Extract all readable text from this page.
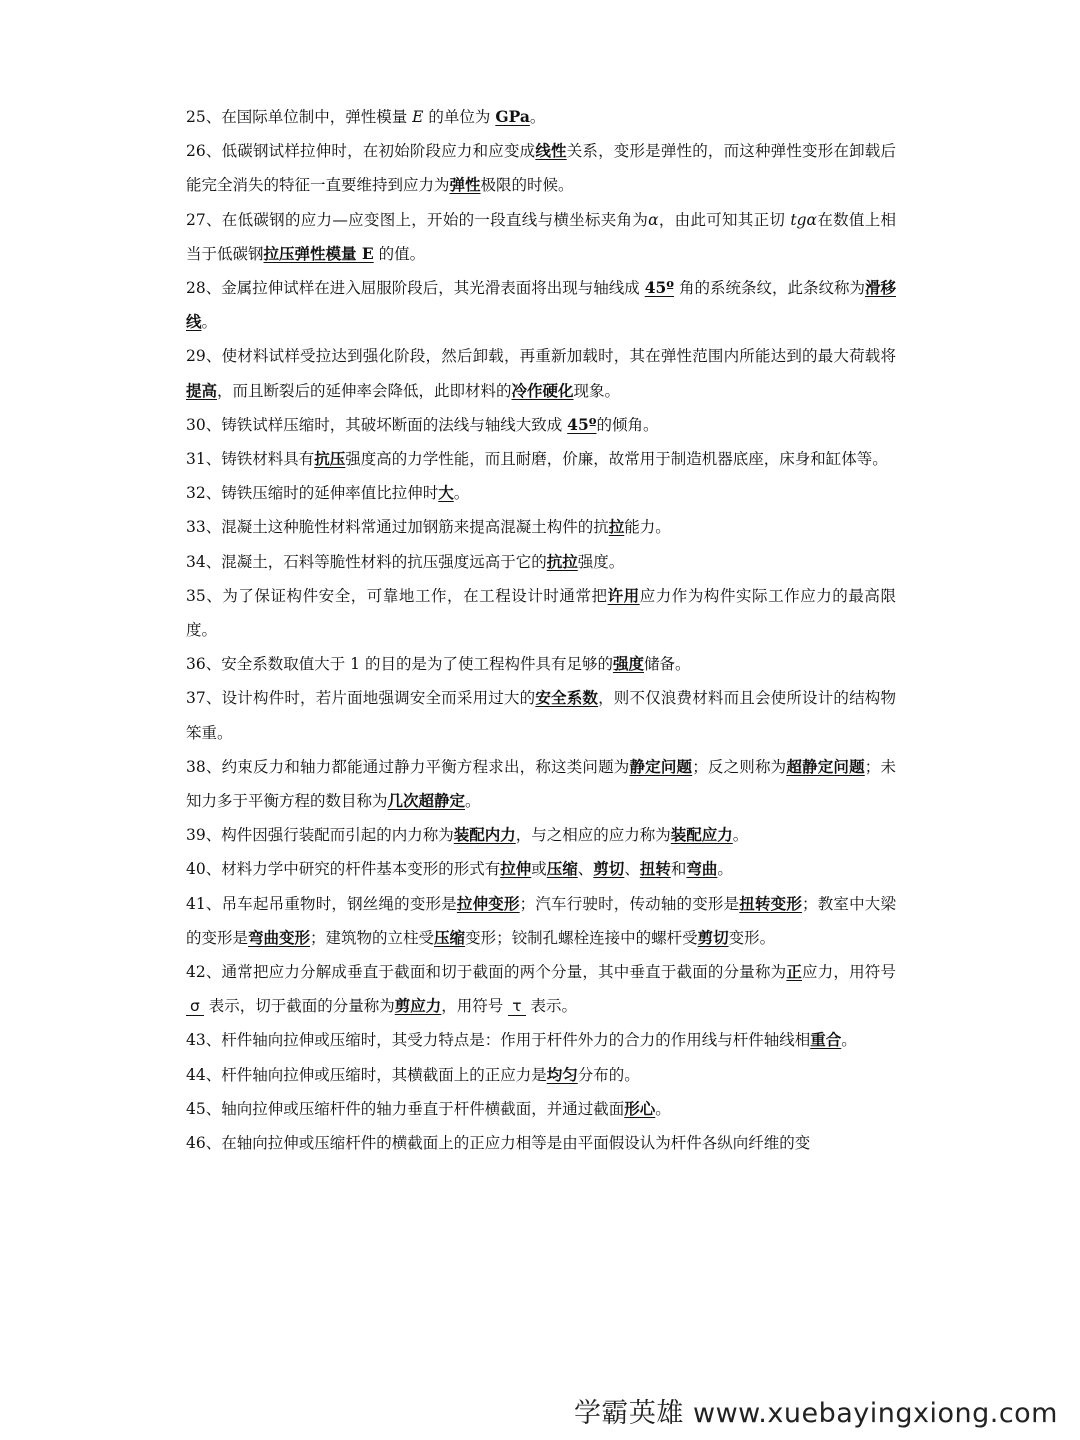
25、在国际单位制中，弹性模量 E 的单位为 GPa。
26、低碳钢试样拉伸时，在初始阶段应力和应变成线性关系，变形是弹性的，而这种弹性变形在卸载后能完全消失的特征一直要维持到应力为弹性极限的时候。
27、在低碳钢的应力—应变图上，开始的一段直线与横坐标夹角为α，由此可知其正切 tgα在数值上相当于低碳钢拉压弹性模量 E 的值。
28、金属拉伸试样在进入屈服阶段后，其光滑表面将出现与轴线成 45º 角的系统条纹，此条纹称为滑移线。
29、使材料试样受拉达到强化阶段，然后卸载，再重新加载时，其在弹性范围内所能达到的最大荷载将提高，而且断裂后的延伸率会降低，此即材料的冷作硬化现象。
30、铸铁试样压缩时，其破坏断面的法线与轴线大致成 45º的倾角。
31、铸铁材料具有抗压强度高的力学性能，而且耐磨，价廉，故常用于制造机器底座，床身和缸体等。
32、铸铁压缩时的延伸率值比拉伸时大。
33、混凝土这种脆性材料常通过加钢筋来提高混凝土构件的抗拉能力。
34、混凝土，石料等脆性材料的抗压强度远高于它的抗拉强度。
35、为了保证构件安全，可靠地工作，在工程设计时通常把许用应力作为构件实际工作应力的最高限度。
36、安全系数取值大于 1 的目的是为了使工程构件具有足够的强度储备。
37、设计构件时，若片面地强调安全而采用过大的安全系数，则不仅浪费材料而且会使所设计的结构物笨重。
38、约束反力和轴力都能通过静力平衡方程求出，称这类问题为静定问题；反之则称为超静定问题；未知力多于平衡方程的数目称为几次超静定。
39、构件因强行装配而引起的内力称为装配内力，与之相应的应力称为装配应力。
40、材料力学中研究的杆件基本变形的形式有拉伸或压缩、剪切、扭转和弯曲。
41、吊车起吊重物时，钢丝绳的变形是拉伸变形；汽车行驶时，传动轴的变形是扭转变形；教室中大梁的变形是弯曲变形；建筑物的立柱受压缩变形；铰制孔螺栓连接中的螺杆受剪切变形。
42、通常把应力分解成垂直于截面和切于截面的两个分量，其中垂直于截面的分量称为正应力，用符号 σ 表示，切于截面的分量称为剪应力，用符号 τ 表示。
43、杆件轴向拉伸或压缩时，其受力特点是：作用于杆件外力的合力的作用线与杆件轴线相重合。
44、杆件轴向拉伸或压缩时，其横截面上的正应力是均匀分布的。
45、轴向拉伸或压缩杆件的轴力垂直于杆件横截面，并通过截面形心。
46、在轴向拉伸或压缩杆件的横截面上的正应力相等是由平面假设认为杆件各纵向纤维的变
学霸英雄 www.xuebayingxiong.com
